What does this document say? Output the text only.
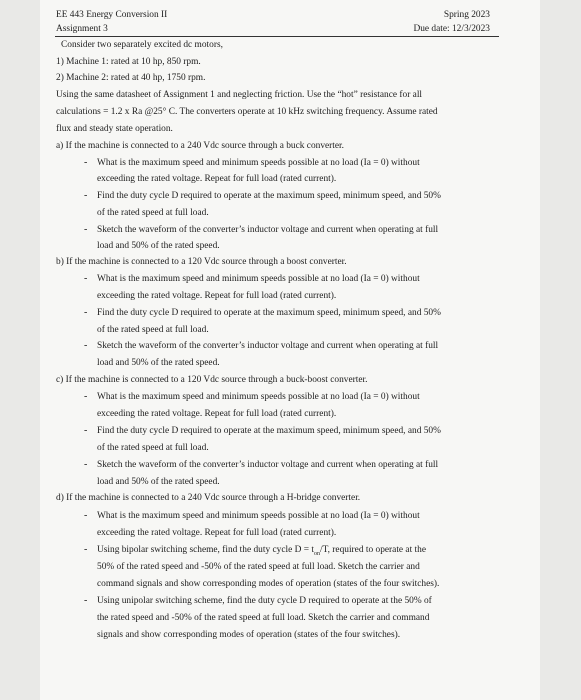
EE 443 Energy Conversion II	Spring 2023
Assignment 3	Due date: 12/3/2023
Consider two separately excited dc motors,
1) Machine 1: rated at 10 hp, 850 rpm.
2) Machine 2: rated at 40 hp, 1750 rpm.
Using the same datasheet of Assignment 1 and neglecting friction. Use the “hot” resistance for all
calculations = 1.2 x Ra @25° C. The converters operate at 10 kHz switching frequency. Assume rated
flux and steady state operation.
a) If the machine is connected to a 240 Vdc source through a buck converter.
- What is the maximum speed and minimum speeds possible at no load (Ia = 0) without
exceeding the rated voltage. Repeat for full load (rated current).
- Find the duty cycle D required to operate at the maximum speed, minimum speed, and 50%
of the rated speed at full load.
- Sketch the waveform of the converter’s inductor voltage and current when operating at full
load and 50% of the rated speed.
b) If the machine is connected to a 120 Vdc source through a boost converter.
- What is the maximum speed and minimum speeds possible at no load (Ia = 0) without
exceeding the rated voltage. Repeat for full load (rated current).
- Find the duty cycle D required to operate at the maximum speed, minimum speed, and 50%
of the rated speed at full load.
- Sketch the waveform of the converter’s inductor voltage and current when operating at full
load and 50% of the rated speed.
c) If the machine is connected to a 120 Vdc source through a buck-boost converter.
- What is the maximum speed and minimum speeds possible at no load (Ia = 0) without
exceeding the rated voltage. Repeat for full load (rated current).
- Find the duty cycle D required to operate at the maximum speed, minimum speed, and 50%
of the rated speed at full load.
- Sketch the waveform of the converter’s inductor voltage and current when operating at full
load and 50% of the rated speed.
d) If the machine is connected to a 240 Vdc source through a H-bridge converter.
- What is the maximum speed and minimum speeds possible at no load (Ia = 0) without
exceeding the rated voltage. Repeat for full load (rated current).
- Using bipolar switching scheme, find the duty cycle $D = t_{on}/T$, required to operate at the
50% of the rated speed and -50% of the rated speed at full load. Sketch the carrier and
command signals and show corresponding modes of operation (states of the four switches).
- Using unipolar switching scheme, find the duty cycle D required to operate at the 50% of
the rated speed and -50% of the rated speed at full load. Sketch the carrier and command
signals and show corresponding modes of operation (states of the four switches).
